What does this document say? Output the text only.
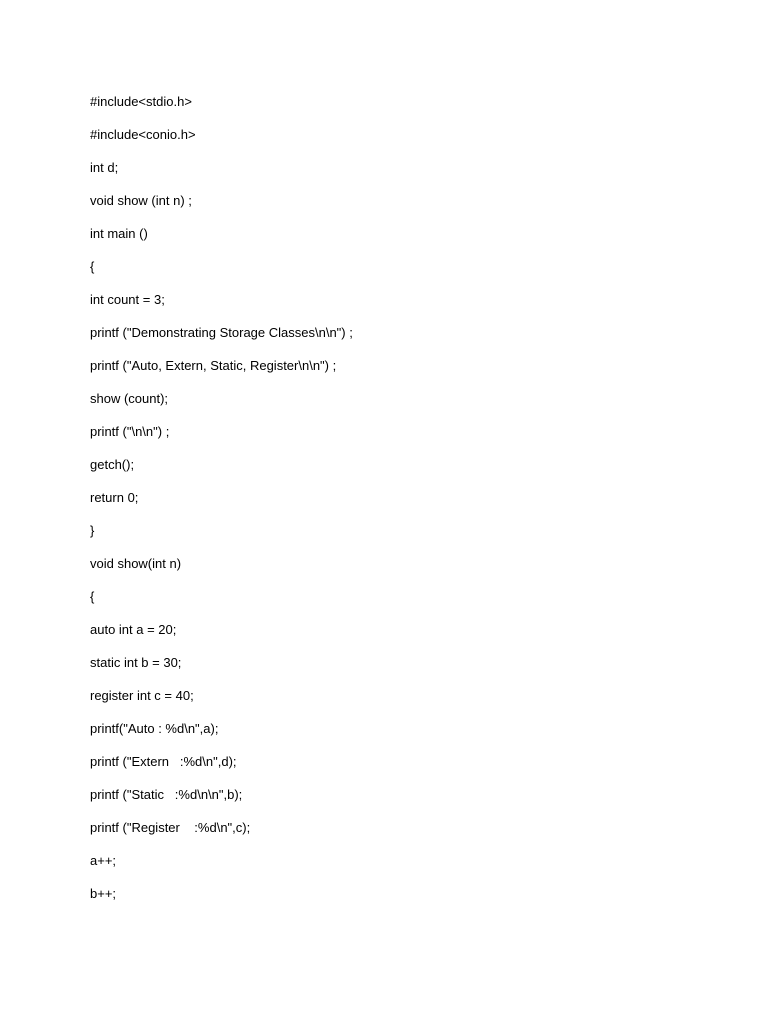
#include<stdio.h>
#include<conio.h>
int d;
void show (int n) ;
int main ()
{
int count = 3;
printf ("Demonstrating Storage Classes\n\n") ;
printf ("Auto, Extern, Static, Register\n\n") ;
show (count);
printf ("\n\n") ;
getch();
return 0;
}
void show(int n)
{
auto int a = 20;
static int b = 30;
register int c = 40;
printf("Auto : %d\n",a);
printf ("Extern   :%d\n",d);
printf ("Static   :%d\n\n",b);
printf ("Register    :%d\n",c);
a++;
b++;
